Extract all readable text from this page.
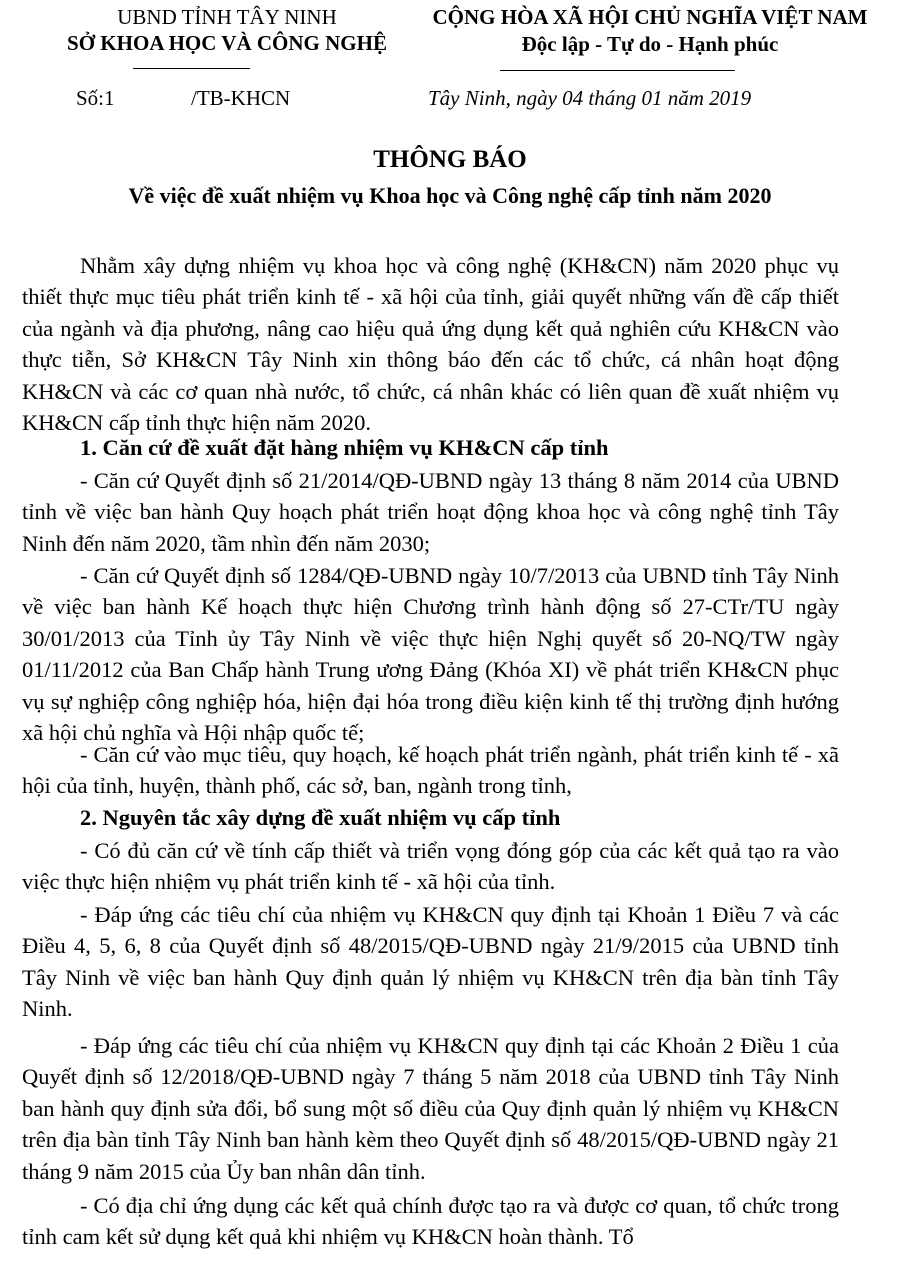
UBND TỈNH TÂY NINH
SỞ KHOA HỌC VÀ CÔNG NGHỆ
CỘNG HÒA XÃ HỘI CHỦ NGHĨA VIỆT NAM
Độc lập - Tự do - Hạnh phúc
Số:1	/TB-KHCN	Tây Ninh, ngày 04 tháng 01 năm 2019
THÔNG BÁO
Về việc đề xuất nhiệm vụ Khoa học và Công nghệ cấp tỉnh năm 2020
Nhằm xây dựng nhiệm vụ khoa học và công nghệ (KH&CN) năm 2020 phục vụ thiết thực mục tiêu phát triển kinh tế - xã hội của tỉnh, giải quyết những vấn đề cấp thiết của ngành và địa phương, nâng cao hiệu quả ứng dụng kết quả nghiên cứu KH&CN vào thực tiễn, Sở KH&CN Tây Ninh xin thông báo đến các tổ chức, cá nhân hoạt động KH&CN và các cơ quan nhà nước, tổ chức, cá nhân khác có liên quan đề xuất nhiệm vụ KH&CN cấp tỉnh thực hiện năm 2020.
1. Căn cứ đề xuất đặt hàng nhiệm vụ KH&CN cấp tỉnh
- Căn cứ Quyết định số 21/2014/QĐ-UBND ngày 13 tháng 8 năm 2014 của UBND tỉnh về việc ban hành Quy hoạch phát triển hoạt động khoa học và công nghệ tỉnh Tây Ninh đến năm 2020, tầm nhìn đến năm 2030;
- Căn cứ Quyết định số 1284/QĐ-UBND ngày 10/7/2013 của UBND tỉnh Tây Ninh về việc ban hành Kế hoạch thực hiện Chương trình hành động số 27-CTr/TU ngày 30/01/2013 của Tỉnh ủy Tây Ninh về việc thực hiện Nghị quyết số 20-NQ/TW ngày 01/11/2012 của Ban Chấp hành Trung ương Đảng (Khóa XI) về phát triển KH&CN phục vụ sự nghiệp công nghiệp hóa, hiện đại hóa trong điều kiện kinh tế thị trường định hướng xã hội chủ nghĩa và Hội nhập quốc tế;
- Căn cứ vào mục tiêu, quy hoạch, kế hoạch phát triển ngành, phát triển kinh tế - xã hội của tỉnh, huyện, thành phố, các sở, ban, ngành trong tỉnh,
2. Nguyên tắc xây dựng đề xuất nhiệm vụ cấp tỉnh
- Có đủ căn cứ về tính cấp thiết và triển vọng đóng góp của các kết quả tạo ra vào việc thực hiện nhiệm vụ phát triển kinh tế - xã hội của tỉnh.
- Đáp ứng các tiêu chí của nhiệm vụ KH&CN quy định tại Khoản 1 Điều 7 và các Điều 4, 5, 6, 8 của Quyết định số 48/2015/QĐ-UBND ngày 21/9/2015 của UBND tỉnh Tây Ninh về việc ban hành Quy định quản lý nhiệm vụ KH&CN trên địa bàn tỉnh Tây Ninh.
- Đáp ứng các tiêu chí của nhiệm vụ KH&CN quy định tại các Khoản 2 Điều 1 của Quyết định số 12/2018/QĐ-UBND ngày 7 tháng 5 năm 2018 của UBND tỉnh Tây Ninh ban hành quy định sửa đổi, bổ sung một số điều của Quy định quản lý nhiệm vụ KH&CN trên địa bàn tỉnh Tây Ninh ban hành kèm theo Quyết định số 48/2015/QĐ-UBND ngày 21 tháng 9 năm 2015 của Ủy ban nhân dân tỉnh.
- Có địa chỉ ứng dụng các kết quả chính được tạo ra và được cơ quan, tổ chức trong tỉnh cam kết sử dụng kết quả khi nhiệm vụ KH&CN hoàn thành. Tổ
